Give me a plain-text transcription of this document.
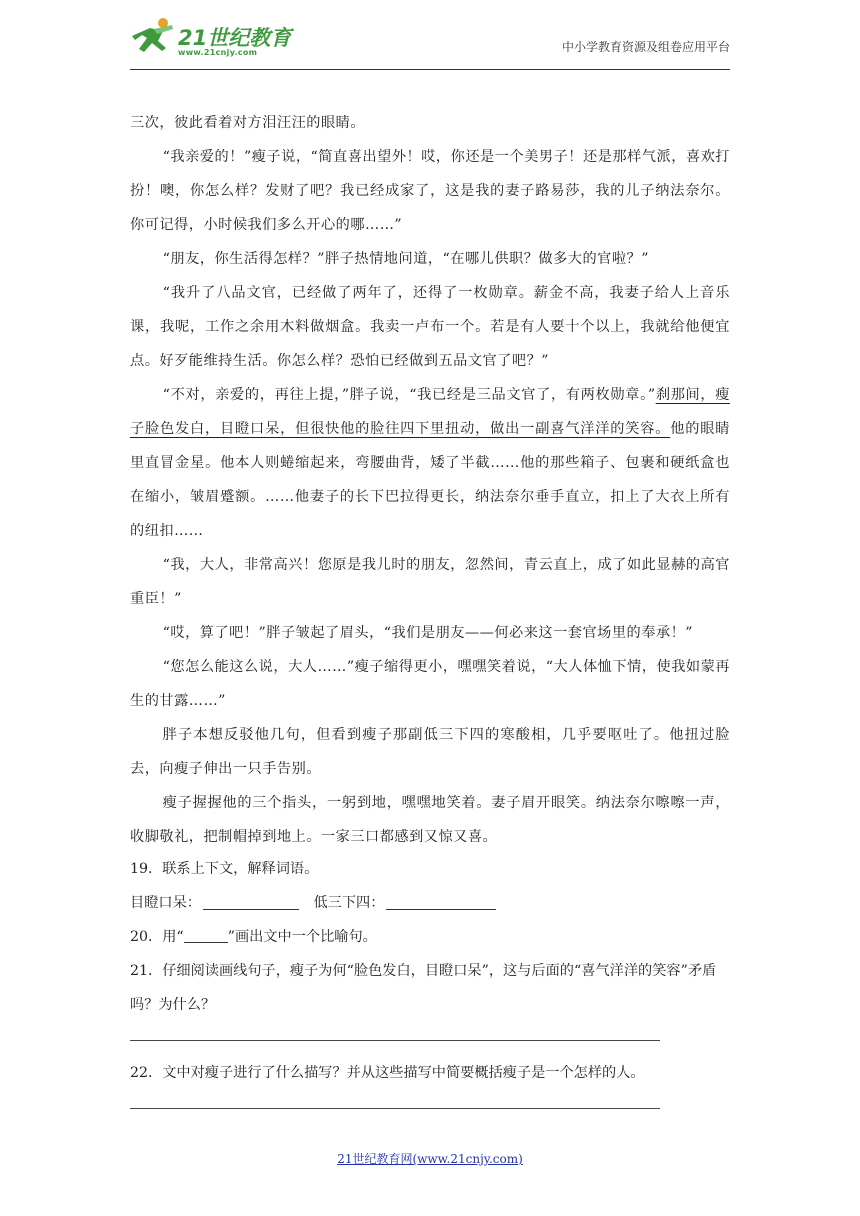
21世纪教育
www.21cnjy.com	中小学教育资源及组卷应用平台

三次，彼此看着对方泪汪汪的眼睛。

“我亲爱的！”瘦子说，“简直喜出望外！哎，你还是一个美男子！还是那样气派，喜欢打扮！噢，你怎么样？发财了吧？我已经成家了，这是我的妻子路易莎，我的儿子纳法奈尔。你可记得，小时候我们多么开心的哪……”

“朋友，你生活得怎样？”胖子热情地问道，“在哪儿供职？做多大的官啦？”

“我升了八品文官，已经做了两年了，还得了一枚勋章。薪金不高，我妻子给人上音乐课，我呢，工作之余用木料做烟盒。我卖一卢布一个。若是有人要十个以上，我就给他便宜点。好歹能维持生活。你怎么样？恐怕已经做到五品文官了吧？”

“不对，亲爱的，再往上提，”胖子说，“我已经是三品文官了，有两枚勋章。”刹那间，瘦子脸色发白，目瞪口呆，但很快他的脸往四下里扭动，做出一副喜气洋洋的笑容。他的眼睛里直冒金星。他本人则蜷缩起来，弯腰曲背，矮了半截……他的那些箱子、包裹和硬纸盒也在缩小，皱眉蹙额。……他妻子的长下巴拉得更长，纳法奈尔垂手直立，扣上了大衣上所有的纽扣……

“我，大人，非常高兴！您原是我儿时的朋友，忽然间，青云直上，成了如此显赫的高官重臣！”

“哎，算了吧！”胖子皱起了眉头，“我们是朋友——何必来这一套官场里的奉承！”

“您怎么能这么说，大人……”瘦子缩得更小，嘿嘿笑着说，“大人体恤下情，使我如蒙再生的甘露……”

胖子本想反驳他几句，但看到瘦子那副低三下四的寒酸相，几乎要呕吐了。他扭过脸去，向瘦子伸出一只手告别。

瘦子握握他的三个指头，一躬到地，嘿嘿地笑着。妻子眉开眼笑。纳法奈尔嚓嚓一声，收脚敬礼，把制帽掉到地上。一家三口都感到又惊又喜。

19．联系上下文，解释词语。

目瞪口呆：	低三下四：

20．用“	”画出文中一个比喻句。

21．仔细阅读画线句子，瘦子为何“脸色发白，目瞪口呆”，这与后面的“喜气洋洋的笑容”矛盾吗？为什么？

22．文中对瘦子进行了什么描写？并从这些描写中简要概括瘦子是一个怎样的人。

21世纪教育网(www.21cnjy.com)
